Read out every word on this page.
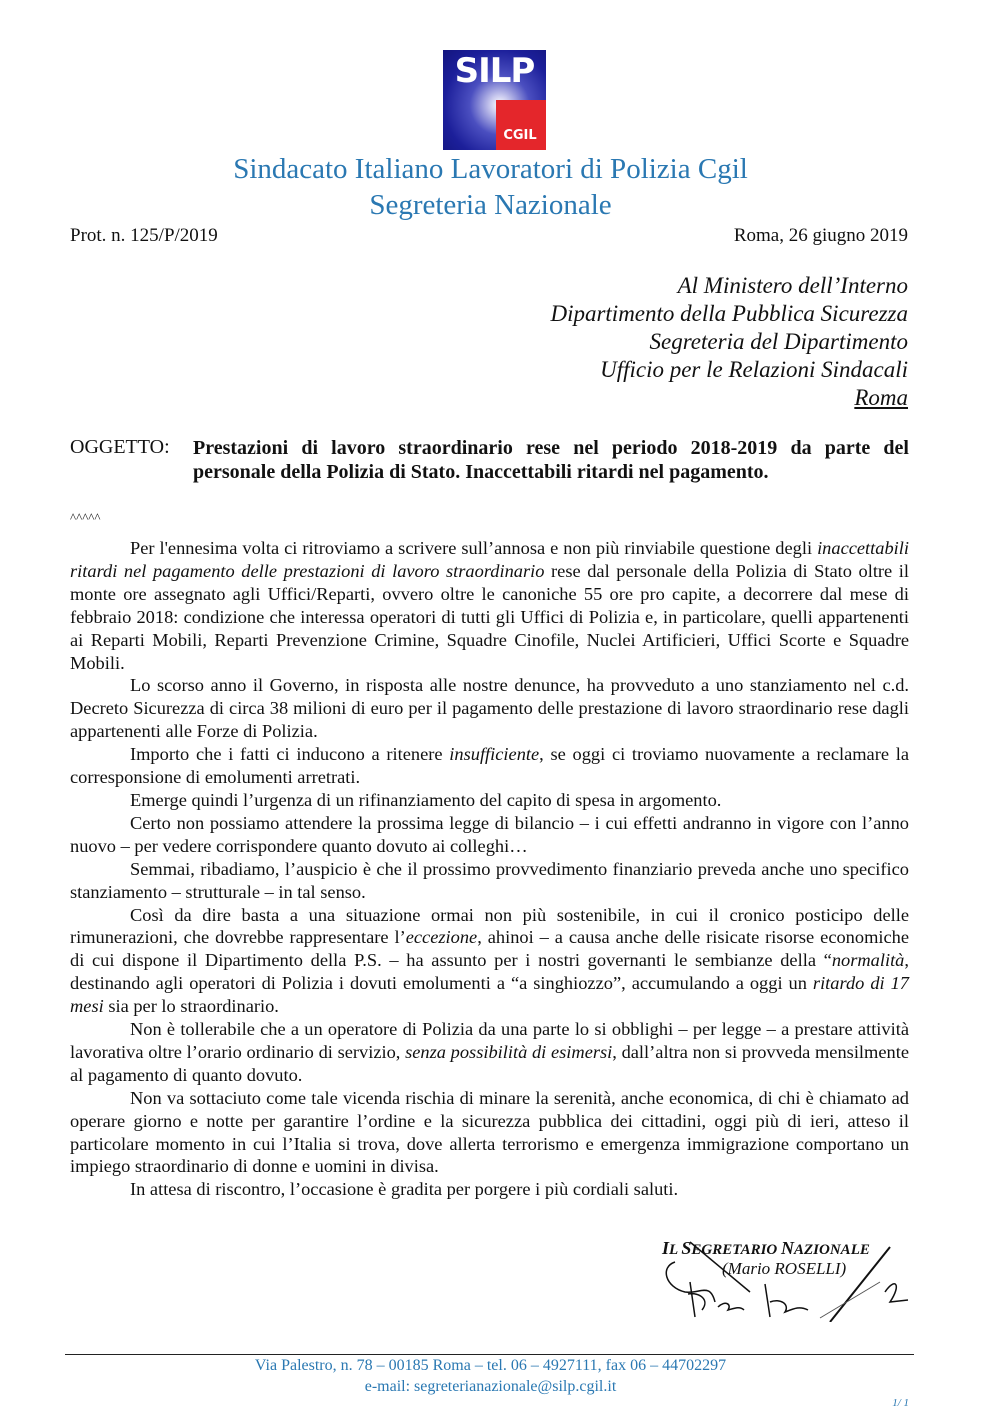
SILP
CGIL
Sindacato Italiano Lavoratori di Polizia Cgil
Segreteria Nazionale
Prot. n. 125/P/2019	Roma, 26 giugno 2019
Al Ministero dell’Interno
Dipartimento della Pubblica Sicurezza
Segreteria del Dipartimento
Ufficio per le Relazioni Sindacali
Roma
OGGETTO: Prestazioni di lavoro straordinario rese nel periodo 2018-2019 da parte del personale della Polizia di Stato. Inaccettabili ritardi nel pagamento.
^^^^^

Per l'ennesima volta ci ritroviamo a scrivere sull’annosa e non più rinviabile questione degli inaccettabili ritardi nel pagamento delle prestazioni di lavoro straordinario rese dal personale della Polizia di Stato oltre il monte ore assegnato agli Uffici/Reparti, ovvero oltre le canoniche 55 ore pro capite, a decorrere dal mese di febbraio 2018: condizione che interessa operatori di tutti gli Uffici di Polizia e, in particolare, quelli appartenenti ai Reparti Mobili, Reparti Prevenzione Crimine, Squadre Cinofile, Nuclei Artificieri, Uffici Scorte e Squadre Mobili.

Lo scorso anno il Governo, in risposta alle nostre denunce, ha provveduto a uno stanziamento nel c.d. Decreto Sicurezza di circa 38 milioni di euro per il pagamento delle prestazione di lavoro straordinario rese dagli appartenenti alle Forze di Polizia.

Importo che i fatti ci inducono a ritenere insufficiente, se oggi ci troviamo nuovamente a reclamare la corresponsione di emolumenti arretrati.

Emerge quindi l’urgenza di un rifinanziamento del capito di spesa in argomento.

Certo non possiamo attendere la prossima legge di bilancio – i cui effetti andranno in vigore con l’anno nuovo – per vedere corrispondere quanto dovuto ai colleghi…

Semmai, ribadiamo, l’auspicio è che il prossimo provvedimento finanziario preveda anche uno specifico stanziamento – strutturale – in tal senso.

Così da dire basta a una situazione ormai non più sostenibile, in cui il cronico posticipo delle rimunerazioni, che dovrebbe rappresentare l’eccezione, ahinoi – a causa anche delle risicate risorse economiche di cui dispone il Dipartimento della P.S. – ha assunto per i nostri governanti le sembianze della “normalità, destinando agli operatori di Polizia i dovuti emolumenti a “a singhiozzo”, accumulando a oggi un ritardo di 17 mesi sia per lo straordinario.

Non è tollerabile che a un operatore di Polizia da una parte lo si obblighi – per legge – a prestare attività lavorativa oltre l’orario ordinario di servizio, senza possibilità di esimersi, dall’altra non si provveda mensilmente al pagamento di quanto dovuto.

Non va sottaciuto come tale vicenda rischia di minare la serenità, anche economica, di chi è chiamato ad operare giorno e notte per garantire l’ordine e la sicurezza pubblica dei cittadini, oggi più di ieri, atteso il particolare momento in cui l’Italia si trova, dove allerta terrorismo e emergenza immigrazione comportano un impiego straordinario di donne e uomini in divisa.

In attesa di riscontro, l’occasione è gradita per porgere i più cordiali saluti.

IL SEGRETARIO NAZIONALE
(Mario ROSELLI)
Via Palestro, n. 78 – 00185 Roma – tel. 06 – 4927111, fax 06 – 44702297
e-mail: segreterianazionale@silp.cgil.it
1/ 1
